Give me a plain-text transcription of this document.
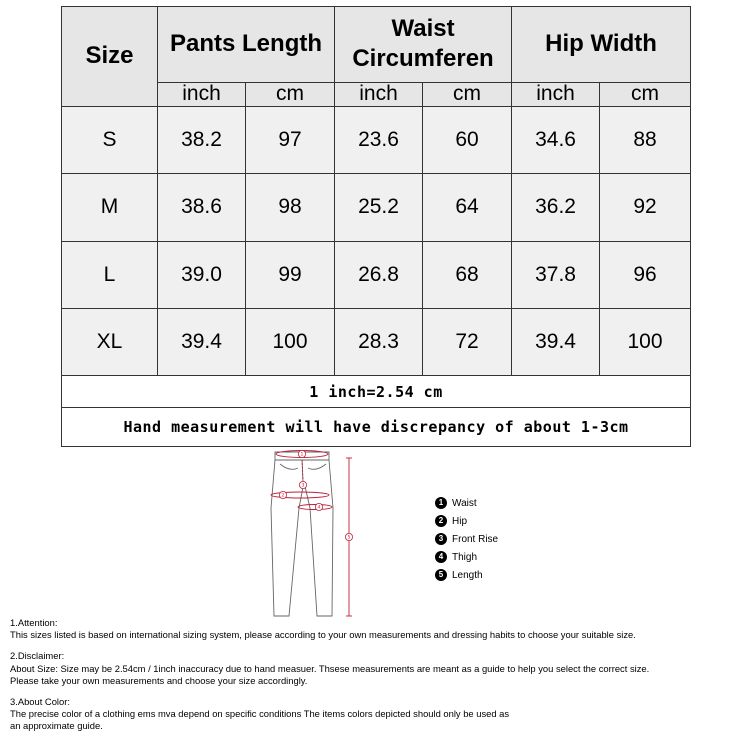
Size	Pants Length		Waist Circumferen		Hip Width	
	inch	cm	inch	cm	inch	cm
S	38.2	97	23.6	60	34.6	88
M	38.6	98	25.2	64	36.2	92
L	39.0	99	26.8	68	37.8	96
XL	39.4	100	28.3	72	39.4	100
1 inch=2.54 cm						
Hand measurement will have discrepancy of about 1-3cm						
1
2
3
4
5
1 Waist
2 Hip
3 Front Rise
4 Thigh
5 Length
1.Attention:
This sizes listed is based on international sizing system, please according to your own measurements and dressing habits to choose your suitable size.
2.Disclaimer:
About Size: Size may be 2.54cm / 1inch inaccuracy due to hand measuer. Thsese measurements are meant as a guide to help you select the correct size.
Please take your own measurements and choose your size accordingly.
3.About Color:
The precise color of a clothing ems mva depend on specific conditions The items colors depicted should only be used as
an approximate guide.
